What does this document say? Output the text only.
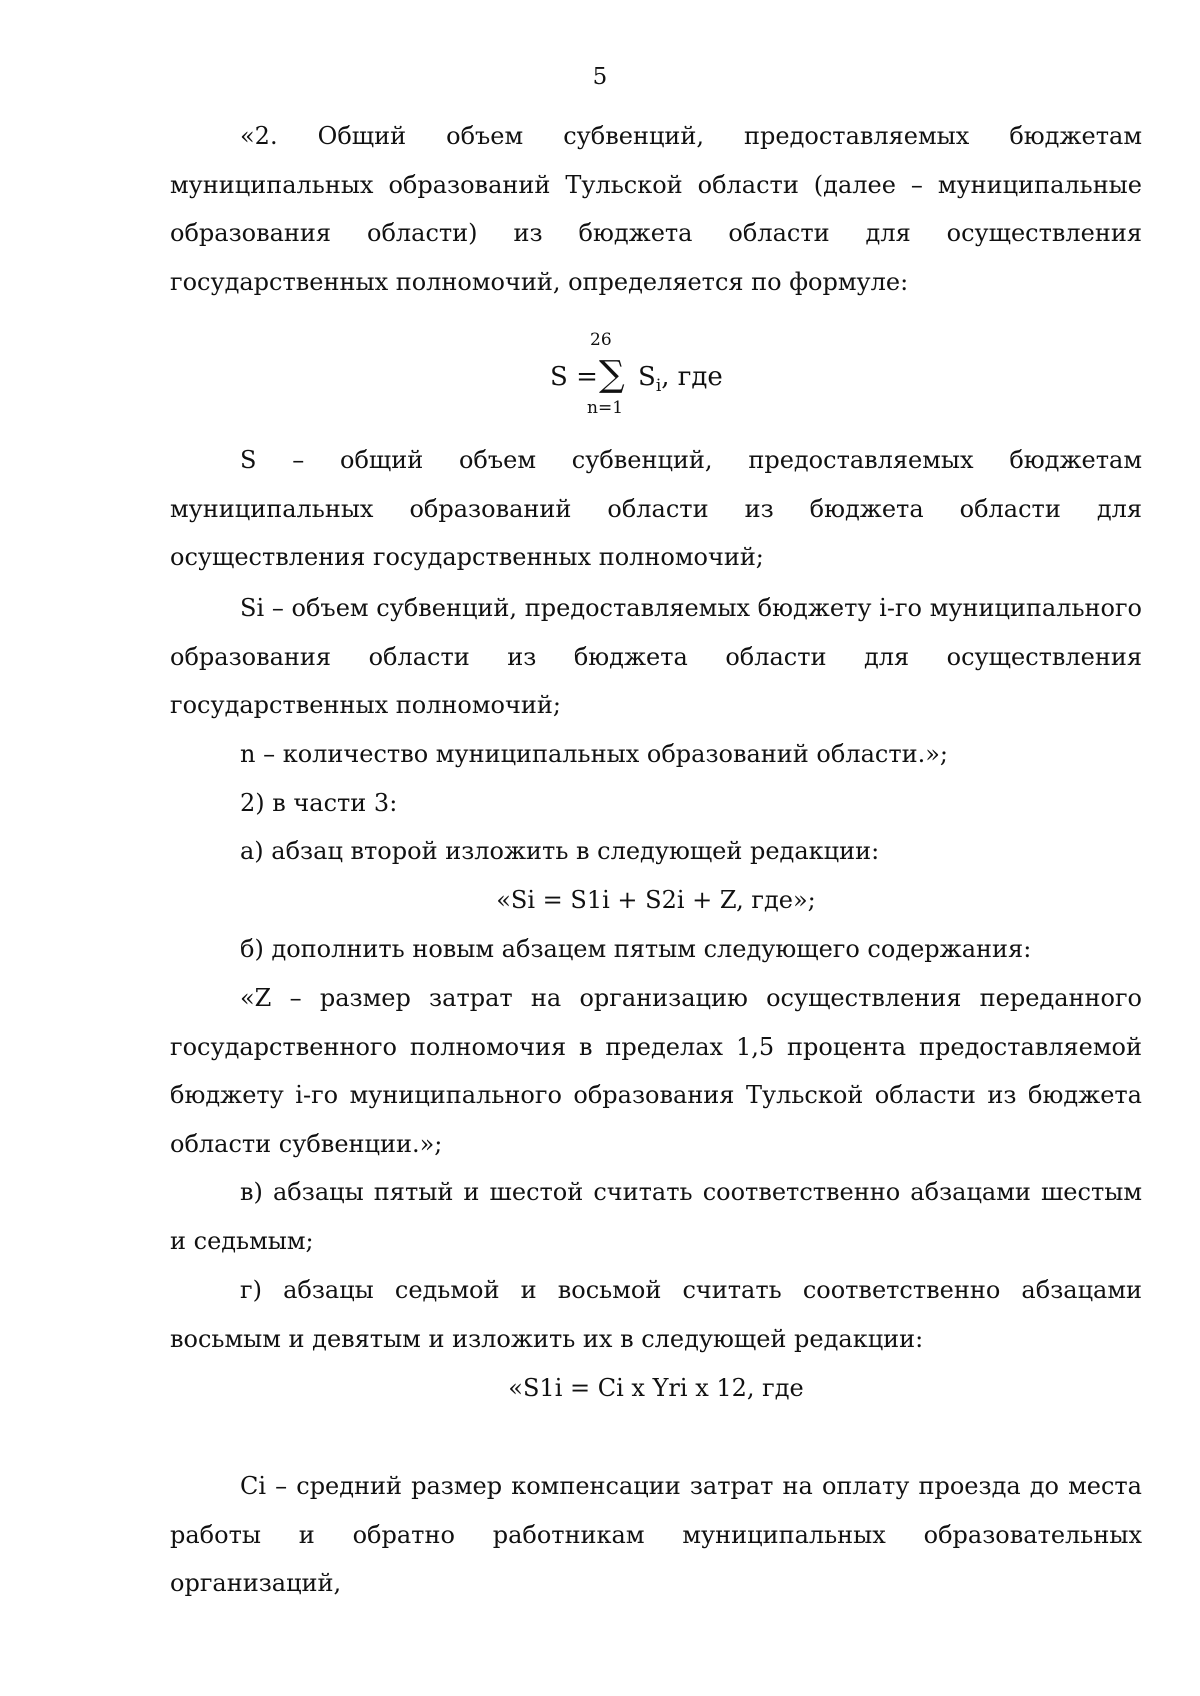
5

«2. Общий объем субвенций, предоставляемых бюджетам муниципальных образований Тульской области (далее – муниципальные образования области) из бюджета области для осуществления государственных полномочий, определяется по формуле:

26
S = ∑ $S_i$, где
n=1

S – общий объем субвенций, предоставляемых бюджетам муниципальных образований области из бюджета области для осуществления государственных полномочий;

Si – объем субвенций, предоставляемых бюджету i-го муниципального образования области из бюджета области для осуществления государственных полномочий;

n – количество муниципальных образований области.»;

2) в части 3:

а) абзац второй изложить в следующей редакции:

«Si = S1i + S2i + Z, где»;

б) дополнить новым абзацем пятым следующего содержания:

«Z – размер затрат на организацию осуществления переданного государственного полномочия в пределах 1,5 процента предоставляемой бюджету i-го муниципального образования Тульской области из бюджета области субвенции.»;

в) абзацы пятый и шестой считать соответственно абзацами шестым и седьмым;

г) абзацы седьмой и восьмой считать соответственно абзацами восьмым и девятым и изложить их в следующей редакции:

«S1i = Ci x Yri x 12, где

Ci – средний размер компенсации затрат на оплату проезда до места работы и обратно работникам муниципальных образовательных организаций,
